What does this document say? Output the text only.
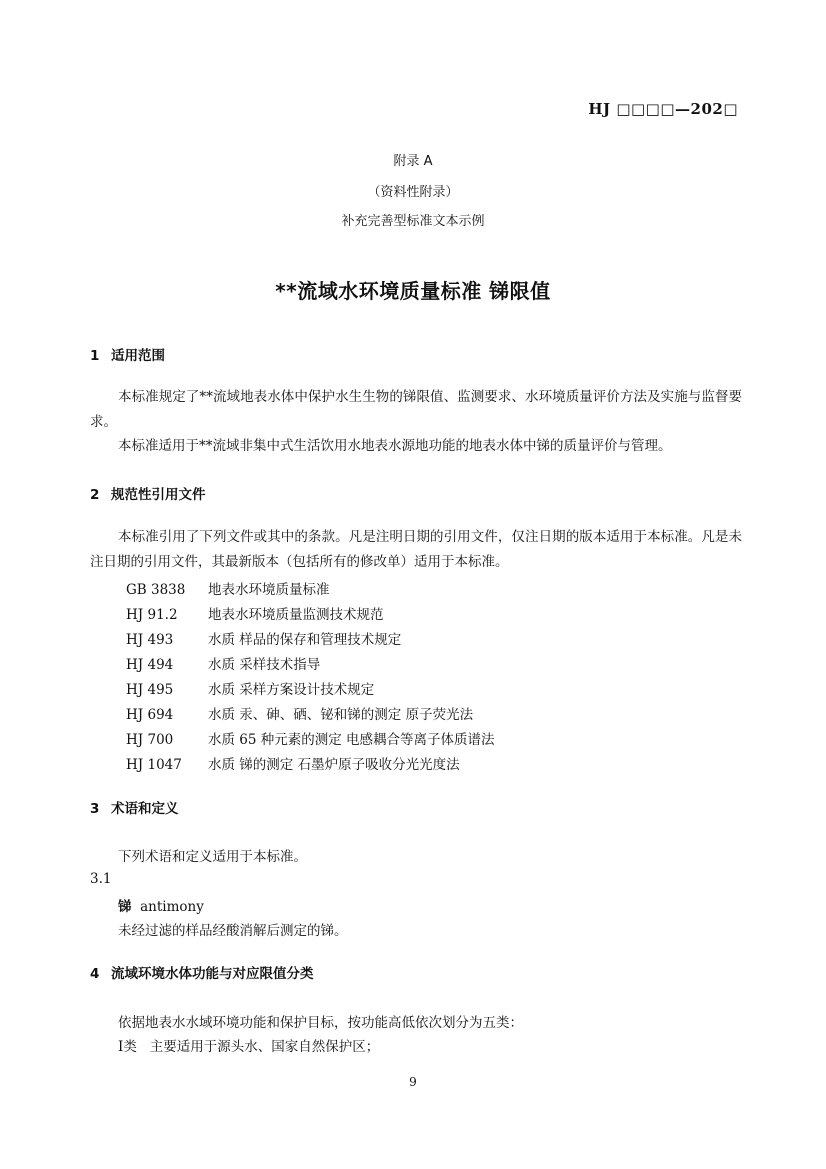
HJ □□□□—202□
附录 A
（资料性附录）
补充完善型标准文本示例
**流域水环境质量标准 锑限值
1 适用范围
本标准规定了**流域地表水体中保护水生生物的锑限值、监测要求、水环境质量评价方法及实施与监督要求。
本标准适用于**流域非集中式生活饮用水地表水源地功能的地表水体中锑的质量评价与管理。
2 规范性引用文件
本标准引用了下列文件或其中的条款。凡是注明日期的引用文件，仅注日期的版本适用于本标准。凡是未注日期的引用文件，其最新版本（包括所有的修改单）适用于本标准。
GB 3838 地表水环境质量标准
HJ 91.2 地表水环境质量监测技术规范
HJ 493	水质 样品的保存和管理技术规定
HJ 494	水质 采样技术指导
HJ 495	水质 采样方案设计技术规定
HJ 694	水质 汞、砷、硒、铋和锑的测定 原子荧光法
HJ 700	水质 65 种元素的测定 电感耦合等离子体质谱法
HJ 1047 水质 锑的测定 石墨炉原子吸收分光光度法
3 术语和定义
下列术语和定义适用于本标准。
3.1
锑 antimony
未经过滤的样品经酸消解后测定的锑。
4 流域环境水体功能与对应限值分类
依据地表水水域环境功能和保护目标，按功能高低依次划分为五类：
Ⅰ类 主要适用于源头水、国家自然保护区；
9
